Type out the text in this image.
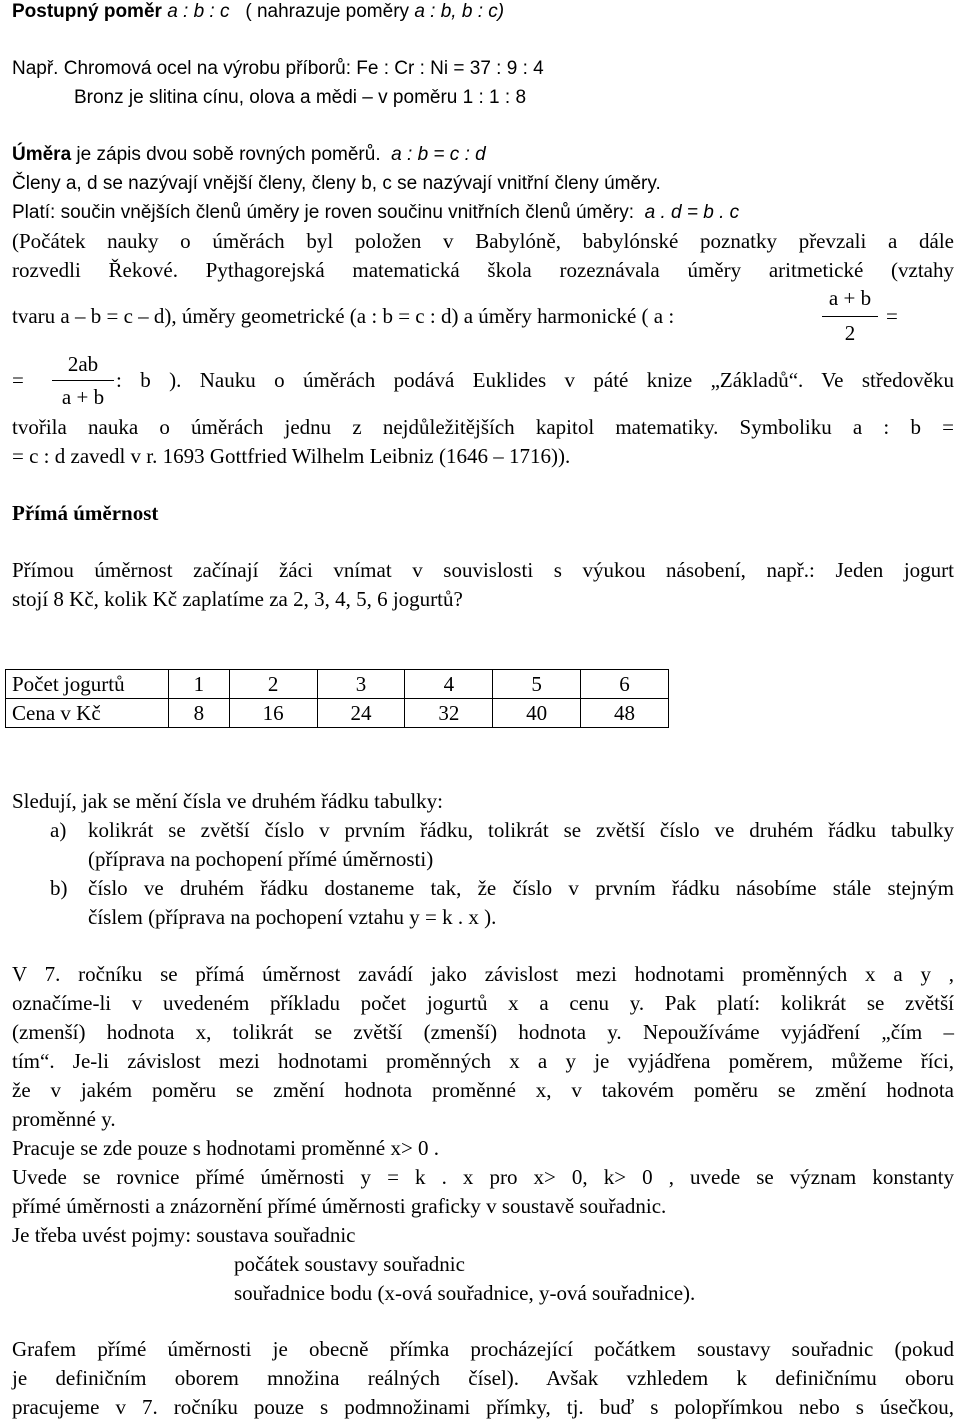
Postupný poměr a : b : c ( nahrazuje poměry a : b, b : c)
Např. Chromová ocel na výrobu příborů: Fe : Cr : Ni = 37 : 9 : 4
Bronz je slitina cínu, olova a mědi – v poměru 1 : 1 : 8
Úměra je zápis dvou sobě rovných poměrů. a : b = c : d
Členy a, d se nazývají vnější členy, členy b, c se nazývají vnitřní členy úměry.
Platí: součin vnějších členů úměry je roven součinu vnitřních členů úměry: a . d = b . c
(Počátek nauky o úměrách byl položen v Babylóně, babylónské poznatky převzali a dále
rozvedli Řekové. Pythagorejská matematická škola rozeznávala úměry aritmetické (vztahy
tvaru a – b = c – d), úměry geometrické (a : b = c : d) a úměry harmonické ( a :
a + b
2
=
=
2ab
a + b
: b ). Nauku o úměrách podává Euklides v páté knize „Základů“. Ve středověku
tvořila nauka o úměrách jednu z nejdůležitějších kapitol matematiky. Symboliku a : b =
= c : d zavedl v r. 1693 Gottfried Wilhelm Leibniz (1646 – 1716)).
Přímá úměrnost
Přímou úměrnost začínají žáci vnímat v souvislosti s výukou násobení, např.: Jeden jogurt
stojí 8 Kč, kolik Kč zaplatíme za 2, 3, 4, 5, 6 jogurtů?
Počet jogurtů	1	2	3	4	5	6
Cena v Kč	8	16	24	32	40	48
Sledují, jak se mění čísla ve druhém řádku tabulky:
a) kolikrát se zvětší číslo v prvním řádku, tolikrát se zvětší číslo ve druhém řádku tabulky
(příprava na pochopení přímé úměrnosti)
b) číslo ve druhém řádku dostaneme tak, že číslo v prvním řádku násobíme stále stejným
číslem (příprava na pochopení vztahu y = k . x ).
V 7. ročníku se přímá úměrnost zavádí jako závislost mezi hodnotami proměnných x a y ,
označíme-li v uvedeném příkladu počet jogurtů x a cenu y. Pak platí: kolikrát se zvětší
(zmenší) hodnota x, tolikrát se zvětší (zmenší) hodnota y. Nepoužíváme vyjádření „čím –
tím“. Je-li závislost mezi hodnotami proměnných x a y je vyjádřena poměrem, můžeme říci,
že v jakém poměru se změní hodnota proměnné x, v takovém poměru se změní hodnota
proměnné y.
Pracuje se zde pouze s hodnotami proměnné x> 0 .
Uvede se rovnice přímé úměrnosti y = k . x pro x> 0, k> 0 , uvede se význam konstanty
přímé úměrnosti a znázornění přímé úměrnosti graficky v soustavě souřadnic.
Je třeba uvést pojmy: soustava souřadnic
počátek soustavy souřadnic
souřadnice bodu (x-ová souřadnice, y-ová souřadnice).
Grafem přímé úměrnosti je obecně přímka procházející počátkem soustavy souřadnic (pokud
je definičním oborem množina reálných čísel). Avšak vzhledem k definičnímu oboru
pracujeme v 7. ročníku pouze s podmnožinami přímky, tj. buď s polopřímkou nebo s úsečkou,
